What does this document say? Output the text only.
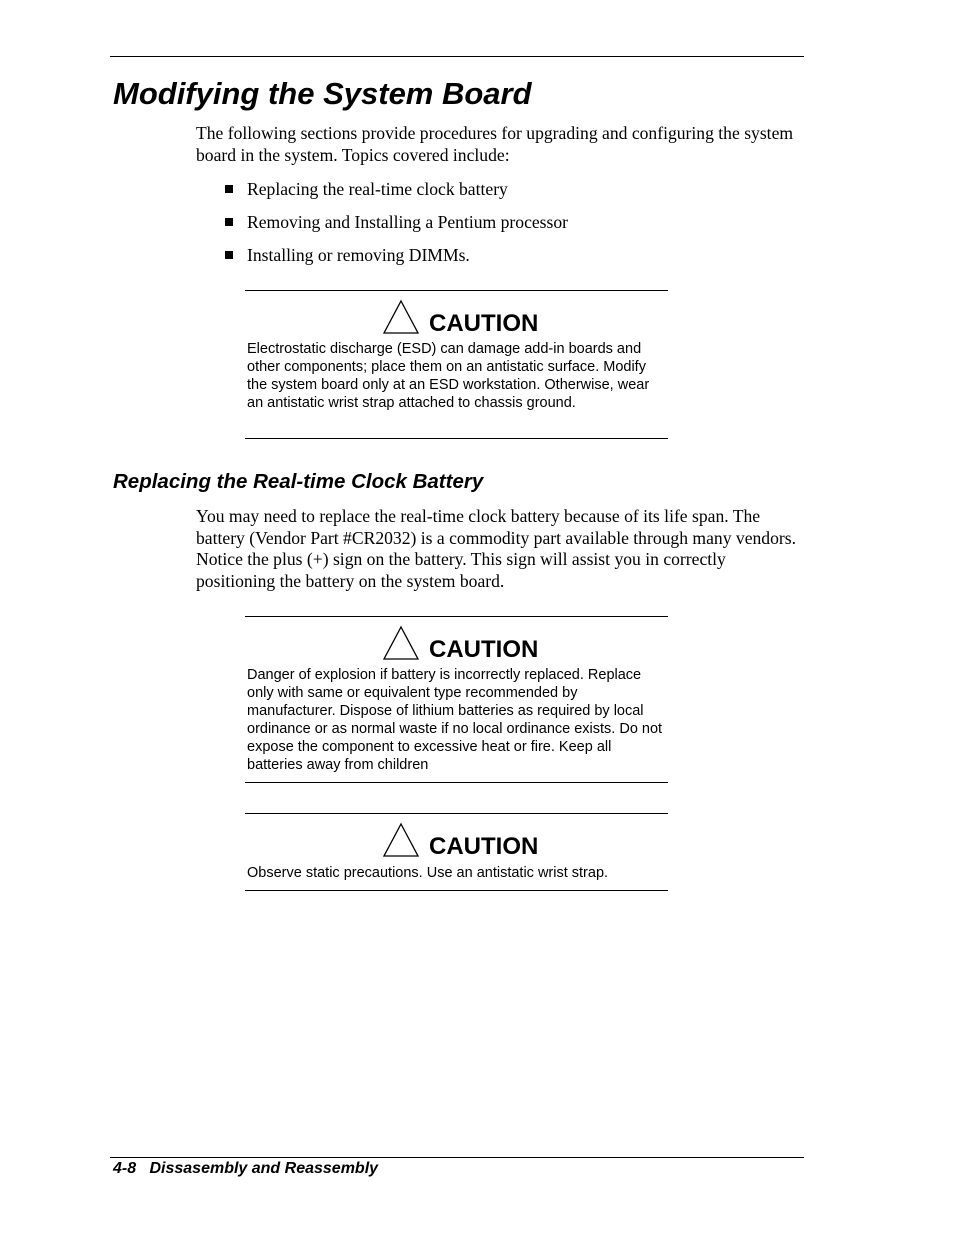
Modifying the System Board

The following sections provide procedures for upgrading and configuring the system board in the system. Topics covered include:

Replacing the real-time clock battery
Removing and Installing a Pentium processor
Installing or removing DIMMs.
CAUTION

Electrostatic discharge (ESD) can damage add-in boards and other components; place them on an antistatic surface. Modify the system board only at an ESD workstation. Otherwise, wear an antistatic wrist strap attached to chassis ground.

Replacing the Real-time Clock Battery

You may need to replace the real-time clock battery because of its life span. The battery (Vendor Part #CR2032) is a commodity part available through many vendors. Notice the plus (+) sign on the battery. This sign will assist you in correctly positioning the battery on the system board.

CAUTION

Danger of explosion if battery is incorrectly replaced. Replace only with same or equivalent type recommended by manufacturer. Dispose of lithium batteries as required by local ordinance or as normal waste if no local ordinance exists. Do not expose the component to excessive heat or fire. Keep all batteries away from children

CAUTION

Observe static precautions. Use an antistatic wrist strap.

4-8 Dissasembly and Reassembly
